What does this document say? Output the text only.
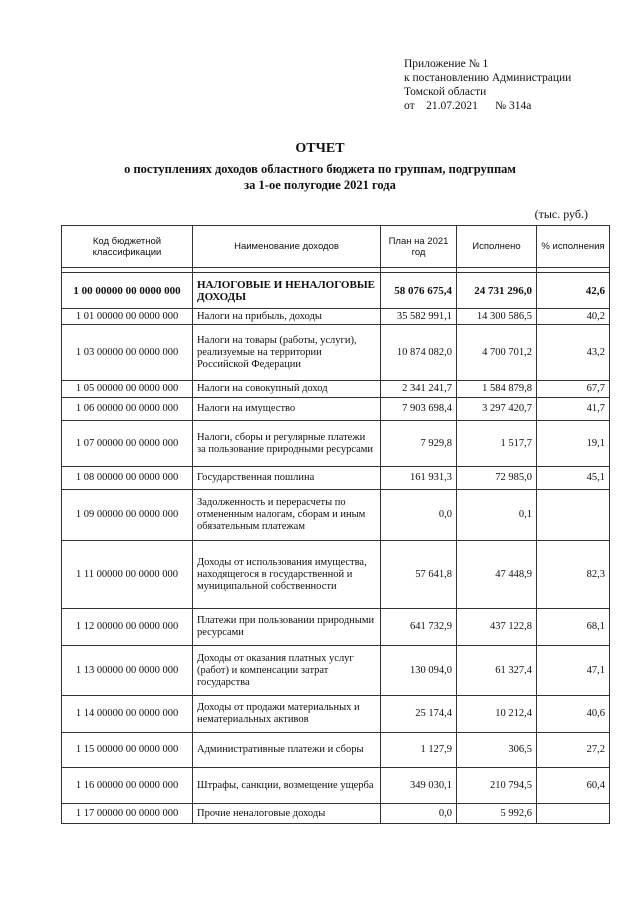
Приложение № 1
к постановлению Администрации
Томской области
от    21.07.2021      № 314а
ОТЧЕТ
о поступлениях доходов областного бюджета по группам, подгруппам
за 1-ое полугодие 2021 года
(тыс. руб.)
Код бюджетной классификации	Наименование доходов	План на 2021 год	Исполнено	% исполнения

1 00 00000 00 0000 000	НАЛОГОВЫЕ И НЕНАЛОГОВЫЕ ДОХОДЫ	58 076 675,4	24 731 296,0	42,6
1 01 00000 00 0000 000	Налоги на прибыль, доходы	35 582 991,1	14 300 586,5	40,2
1 03 00000 00 0000 000	Налоги на товары (работы, услуги), реализуемые на территории Российской Федерации	10 874 082,0	4 700 701,2	43,2
1 05 00000 00 0000 000	Налоги на совокупный доход	2 341 241,7	1 584 879,8	67,7
1 06 00000 00 0000 000	Налоги на имущество	7 903 698,4	3 297 420,7	41,7
1 07 00000 00 0000 000	Налоги, сборы и регулярные платежи за пользование природными ресурсами	7 929,8	1 517,7	19,1
1 08 00000 00 0000 000	Государственная пошлина	161 931,3	72 985,0	45,1
1 09 00000 00 0000 000	Задолженность и перерасчеты по отмененным налогам, сборам и иным обязательным платежам	0,0	0,1	
1 11 00000 00 0000 000	Доходы от использования имущества, находящегося в государственной и муниципальной собственности	57 641,8	47 448,9	82,3
1 12 00000 00 0000 000	Платежи при пользовании природными ресурсами	641 732,9	437 122,8	68,1
1 13 00000 00 0000 000	Доходы от оказания платных услуг (работ) и компенсации затрат государства	130 094,0	61 327,4	47,1
1 14 00000 00 0000 000	Доходы от продажи материальных и нематериальных активов	25 174,4	10 212,4	40,6
1 15 00000 00 0000 000	Административные платежи и сборы	1 127,9	306,5	27,2
1 16 00000 00 0000 000	Штрафы, санкции, возмещение ущерба	349 030,1	210 794,5	60,4
1 17 00000 00 0000 000	Прочие неналоговые доходы	0,0	5 992,6	
